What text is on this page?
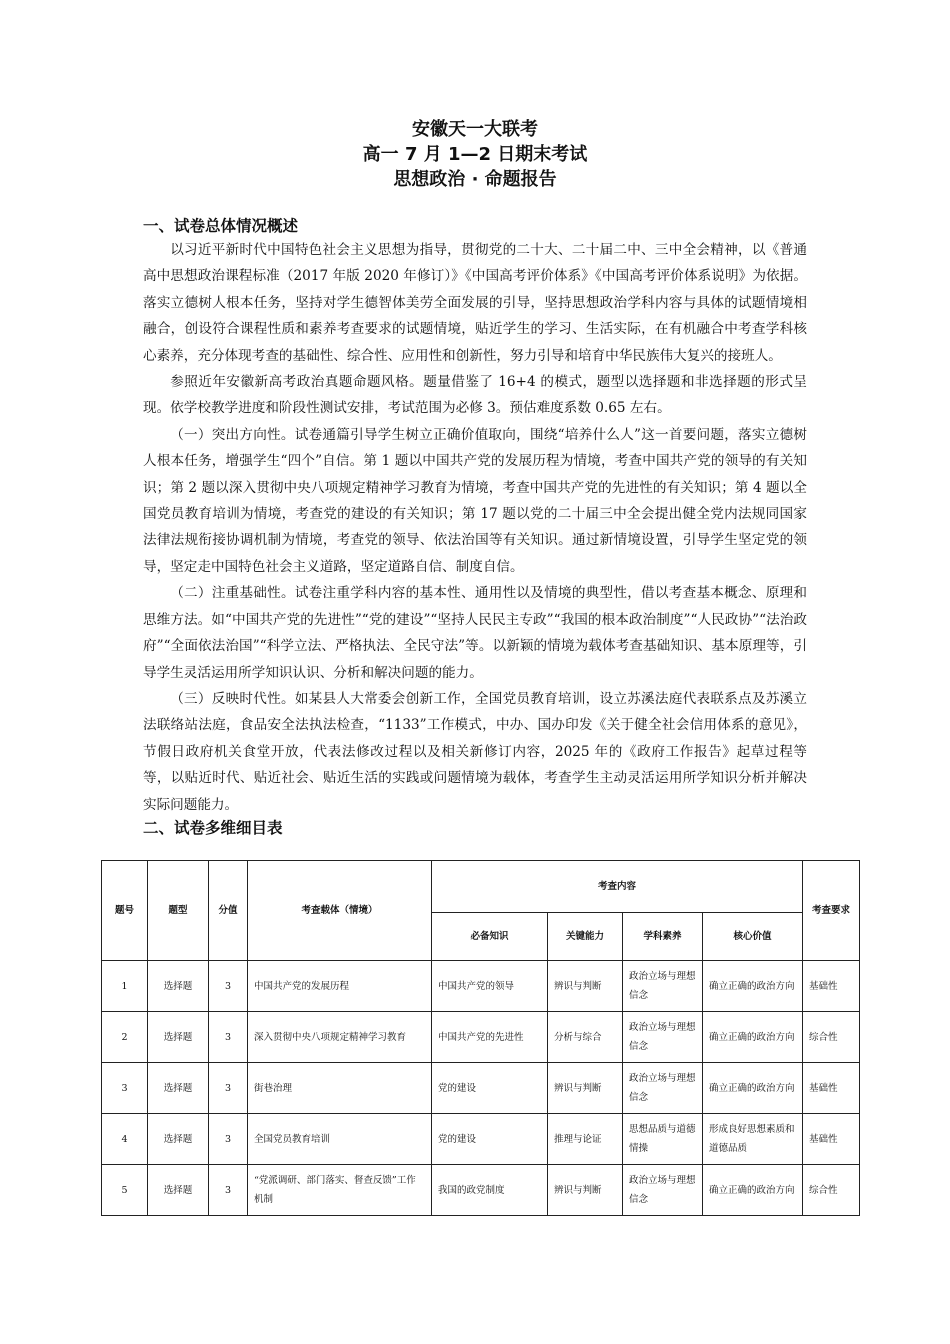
安徽天一大联考
高一 7 月 1—2 日期末考试
思想政治 · 命题报告
一、试卷总体情况概述

以习近平新时代中国特色社会主义思想为指导，贯彻党的二十大、二十届二中、三中全会精神，以《普通高中思想政治课程标准（2017 年版 2020 年修订）》《中国高考评价体系》《中国高考评价体系说明》为依据。落实立德树人根本任务，坚持对学生德智体美劳全面发展的引导，坚持思想政治学科内容与具体的试题情境相融合，创设符合课程性质和素养考查要求的试题情境，贴近学生的学习、生活实际，在有机融合中考查学科核心素养，充分体现考查的基础性、综合性、应用性和创新性，努力引导和培育中华民族伟大复兴的接班人。

参照近年安徽新高考政治真题命题风格。题量借鉴了 16+4 的模式，题型以选择题和非选择题的形式呈现。依学校教学进度和阶段性测试安排，考试范围为必修 3。预估难度系数 0.65 左右。

（一）突出方向性。试卷通篇引导学生树立正确价值取向，围绕“培养什么人”这一首要问题，落实立德树人根本任务，增强学生“四个”自信。第 1 题以中国共产党的发展历程为情境，考查中国共产党的领导的有关知识；第 2 题以深入贯彻中央八项规定精神学习教育为情境，考查中国共产党的先进性的有关知识；第 4 题以全国党员教育培训为情境，考查党的建设的有关知识；第 17 题以党的二十届三中全会提出健全党内法规同国家法律法规衔接协调机制为情境，考查党的领导、依法治国等有关知识。通过新情境设置，引导学生坚定党的领导，坚定走中国特色社会主义道路，坚定道路自信、制度自信。

（二）注重基础性。试卷注重学科内容的基本性、通用性以及情境的典型性，借以考查基本概念、原理和思维方法。如“中国共产党的先进性”“党的建设”“坚持人民民主专政”“我国的根本政治制度”“人民政协”“法治政府”“全面依法治国”“科学立法、严格执法、全民守法”等。以新颖的情境为载体考查基础知识、基本原理等，引导学生灵活运用所学知识认识、分析和解决问题的能力。

（三）反映时代性。如某县人大常委会创新工作，全国党员教育培训，设立苏溪法庭代表联系点及苏溪立法联络站法庭，食品安全法执法检查，“1133”工作模式，中办、国办印发《关于健全社会信用体系的意见》，节假日政府机关食堂开放，代表法修改过程以及相关新修订内容，2025 年的《政府工作报告》起草过程等等，以贴近时代、贴近社会、贴近生活的实践或问题情境为载体，考查学生主动灵活运用所学知识分析并解决实际问题能力。

二、试卷多维细目表
题号	题型	分值	考查载体（情境）	考查内容				考查要求
				必备知识	关键能力	学科素养	核心价值	
1	选择题	3	中国共产党的发展历程	中国共产党的领导	辨识与判断	政治立场与理想信念	确立正确的政治方向	基础性
2	选择题	3	深入贯彻中央八项规定精神学习教育	中国共产党的先进性	分析与综合	政治立场与理想信念	确立正确的政治方向	综合性
3	选择题	3	街巷治理	党的建设	辨识与判断	政治立场与理想信念	确立正确的政治方向	基础性
4	选择题	3	全国党员教育培训	党的建设	推理与论证	思想品质与道德情操	形成良好思想素质和道德品质	基础性
5	选择题	3	“党派调研、部门落实、督查反馈”工作机制	我国的政党制度	辨识与判断	政治立场与理想信念	确立正确的政治方向	综合性
